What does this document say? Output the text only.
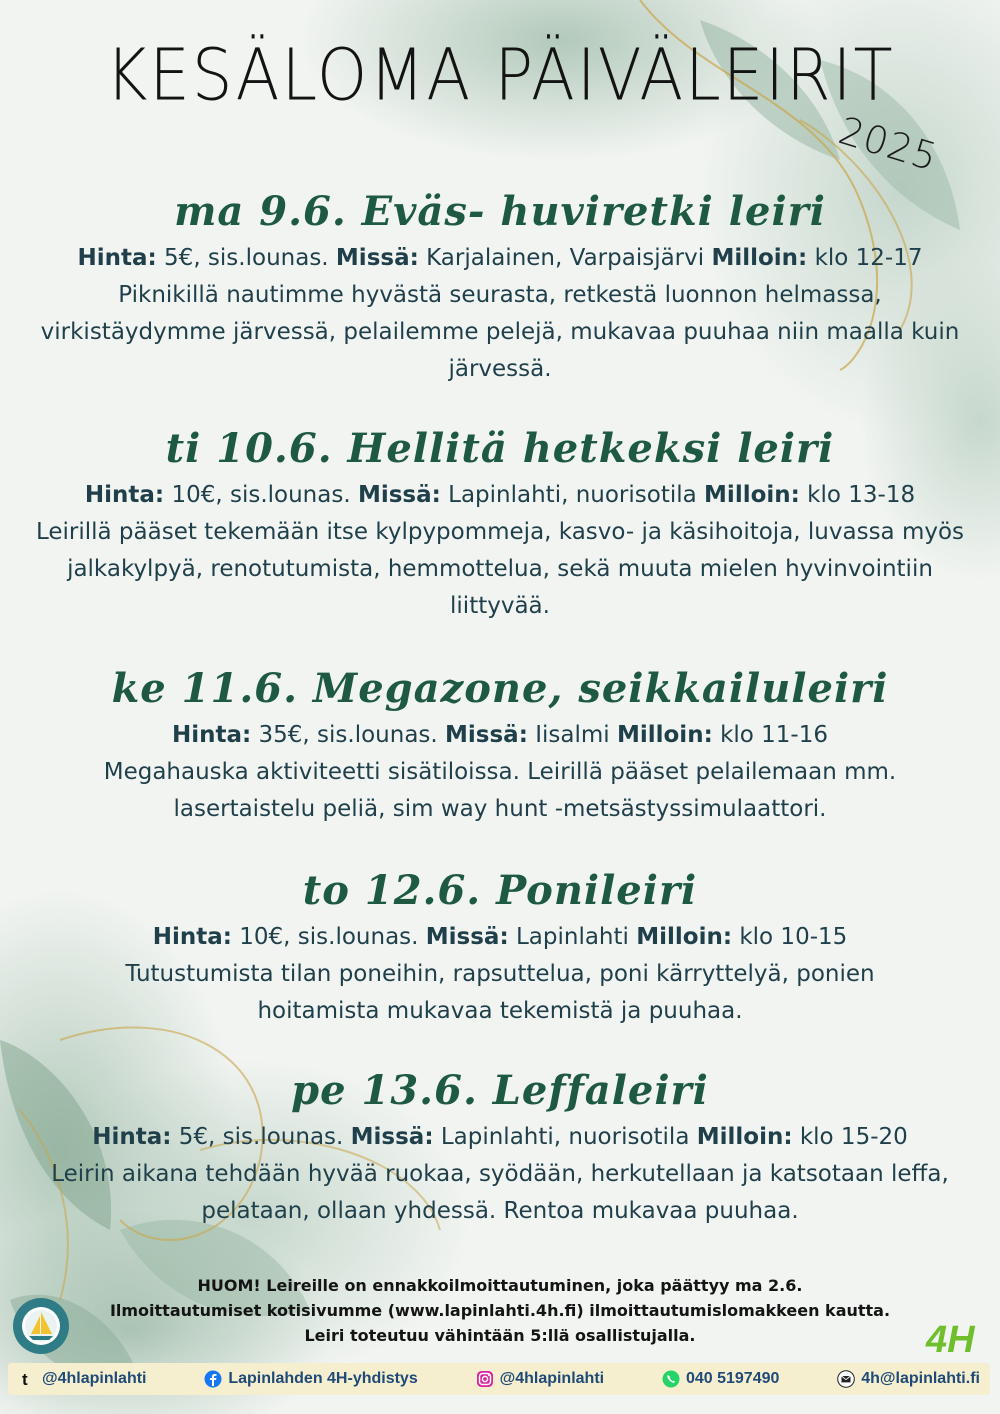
KESÄLOMA PÄIVÄLEIRIT
2025

ma 9.6. Eväs- huviretki leiri

Hinta: 5€, sis.lounas. Missä: Karjalainen, Varpaisjärvi Milloin: klo 12-17
Piknikillä nautimme hyvästä seurasta, retkestä luonnon helmassa, virkistäydymme järvessä, pelailemme pelejä, mukavaa puuhaa niin maalla kuin järvessä.

ti 10.6. Hellitä hetkeksi leiri

Hinta: 10€, sis.lounas. Missä: Lapinlahti, nuorisotila Milloin: klo 13-18
Leirillä pääset tekemään itse kylpypommeja, kasvo- ja käsihoitoja, luvassa myös jalkakylpyä, renotutumista, hemmottelua, sekä muuta mielen hyvinvointiin liittyvää.

ke 11.6. Megazone, seikkailuleiri

Hinta: 35€, sis.lounas. Missä: Iisalmi Milloin: klo 11-16
Megahauska aktiviteetti sisätiloissa. Leirillä pääset pelailemaan mm. lasertaistelu peliä, sim way hunt -metsästyssimulaattori.

to 12.6. Ponileiri

Hinta: 10€, sis.lounas. Missä: Lapinlahti Milloin: klo 10-15
Tutustumista tilan poneihin, rapsuttelua, poni kärryttelyä, ponien hoitamista mukavaa tekemistä ja puuhaa.

pe 13.6. Leffaleiri

Hinta: 5€, sis.lounas. Missä: Lapinlahti, nuorisotila Milloin: klo 15-20
Leirin aikana tehdään hyvää ruokaa, syödään, herkutellaan ja katsotaan leffa, pelataan, ollaan yhdessä. Rentoa mukavaa puuhaa.
HUOM! Leireille on ennakkoilmoittautuminen, joka päättyy ma 2.6.
Ilmoittautumiset kotisivumme (www.lapinlahti.4h.fi) ilmoittautumislomakkeen kautta.
Leiri toteutuu vähintään 5:llä osallistujalla.	4H
t @4hlapinlahti	Lapinlahden 4H-yhdistys	@4hlapinlahti	040 5197490	4h@lapinlahti.fi
